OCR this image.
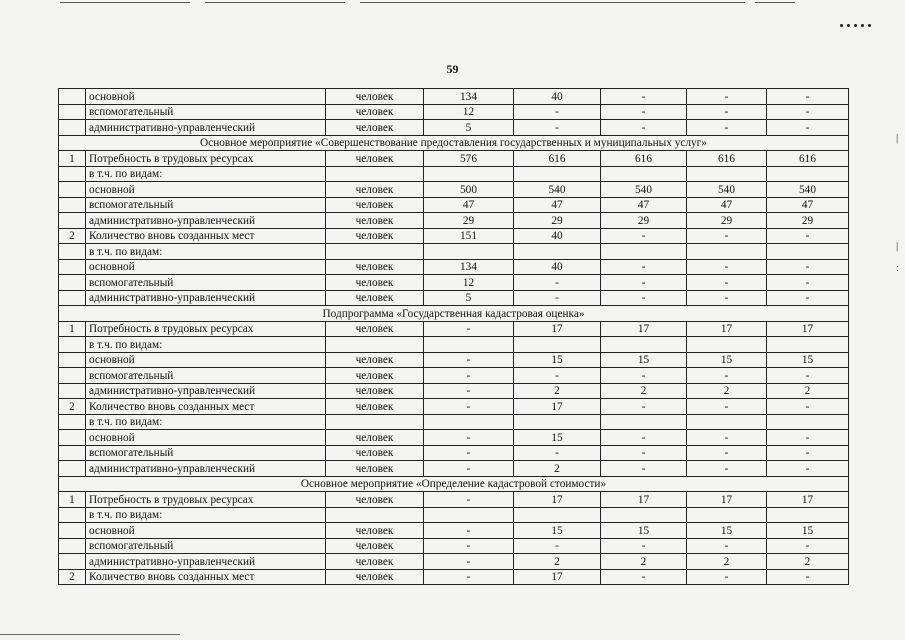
|
|
:
59
	основной	человек	134	40	-	-	-
	вспомогательный	человек	12	-	-	-	-
	административно-управленческий	человек	5	-	-	-	-
Основное мероприятие «Совершенствование предоставления государственных и муниципальных услуг»							
1	Потребность в трудовых ресурсах	человек	576	616	616	616	616
	в т.ч. по видам:						
	основной	человек	500	540	540	540	540
	вспомогательный	человек	47	47	47	47	47
	административно-управленческий	человек	29	29	29	29	29
2	Количество вновь созданных мест	человек	151	40	-	-	-
	в т.ч. по видам:						
	основной	человек	134	40	-	-	-
	вспомогательный	человек	12	-	-	-	-
	административно-управленческий	человек	5	-	-	-	-
Подпрограмма «Государственная кадастровая оценка»							
1	Потребность в трудовых ресурсах	человек	-	17	17	17	17
	в т.ч. по видам:						
	основной	человек	-	15	15	15	15
	вспомогательный	человек	-	-	-	-	-
	административно-управленческий	человек	-	2	2	2	2
2	Количество вновь созданных мест	человек	-	17	-	-	-
	в т.ч. по видам:						
	основной	человек	-	15	-	-	-
	вспомогательный	человек	-	-	-	-	-
	административно-управленческий	человек	-	2	-	-	-
Основное мероприятие «Определение кадастровой стоимости»							
1	Потребность в трудовых ресурсах	человек	-	17	17	17	17
	в т.ч. по видам:						
	основной	человек	-	15	15	15	15
	вспомогательный	человек	-	-	-	-	-
	административно-управленческий	человек	-	2	2	2	2
2	Количество вновь созданных мест	человек	-	17	-	-	-
